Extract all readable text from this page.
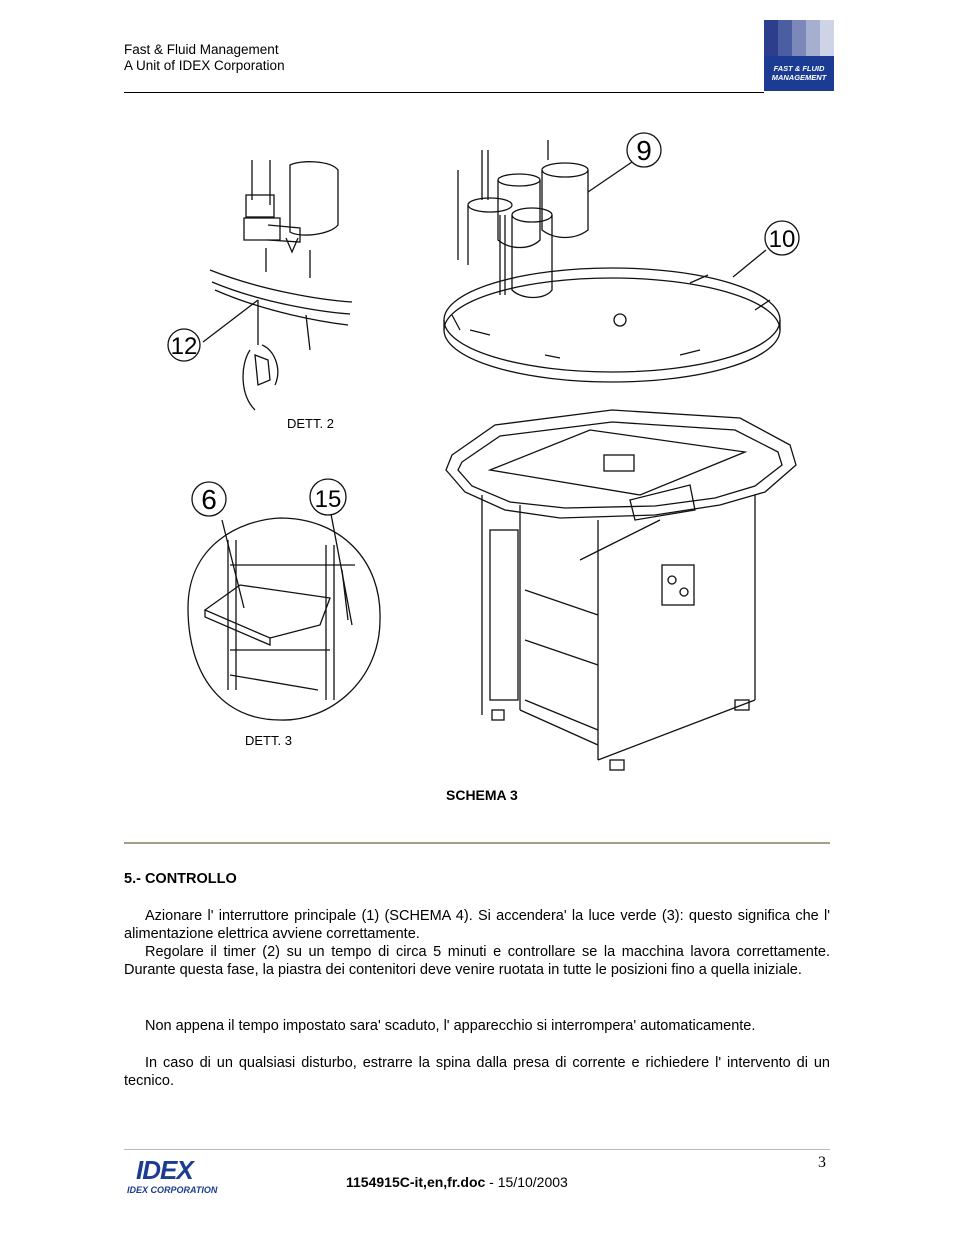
Fast & Fluid Management
A Unit of IDEX Corporation	FAST & FLUID
MANAGEMENT
12
9
10
6	15
DETT. 2
DETT. 3
SCHEMA 3
5.- CONTROLLO
Azionare l' interruttore principale (1) (SCHEMA 4). Si accendera' la luce verde (3): questo significa che l' alimentazione elettrica avviene correttamente.
Regolare il timer (2) su un tempo di circa 5 minuti e controllare se la macchina lavora correttamente. Durante questa fase, la piastra dei contenitori deve venire ruotata in tutte le posizioni fino a quella iniziale.
Non appena il tempo impostato sara' scaduto, l' apparecchio si interrompera' automaticamente.
In caso di un qualsiasi disturbo, estrarre la spina dalla presa di corrente e richiedere l' intervento di un tecnico.
3
IDEX
IDEX CORPORATION	1154915C-it,en,fr.doc - 15/10/2003
